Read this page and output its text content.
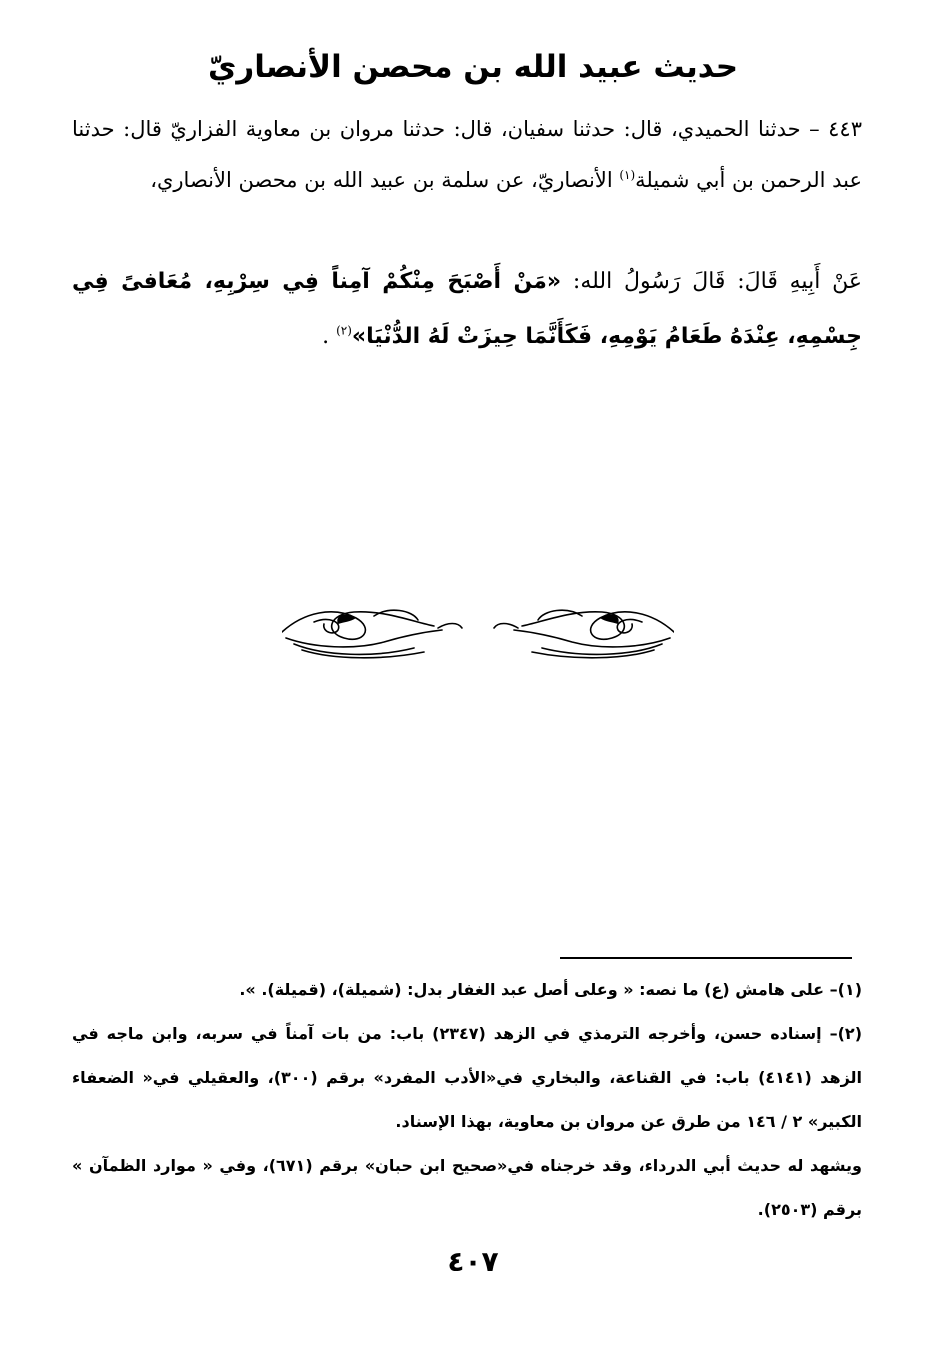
حديث عبيد الله بن محصن الأنصاريّ

٤٤٣ – حدثنا الحميدي، قال: حدثنا سفيان، قال: حدثنا مروان بن معاوية الفزاريّ قال: حدثنا عبد الرحمن بن أبي شميلة$^{(١)}$ الأنصاريّ، عن سلمة بن عبيد الله بن محصن الأنصاري،

عَنْ أَبِيهِ قَالَ: قَالَ رَسُولُ الله: «مَنْ أَصْبَحَ مِنْكُمْ آمِناً فِي سِرْبِهِ، مُعَافىً فِي جِسْمِهِ، عِنْدَهُ طَعَامُ يَوْمِهِ، فَكَأَنَّمَا حِيزَتْ لَهُ الدُّنْيَا»$^{(٢)}$ .

(١)– على هامش (ع) ما نصه: « وعلى أصل عبد الغفار بدل: (شميلة)، (قميلة). ».

(٢)– إسناده حسن، وأخرجه الترمذي في الزهد (٢٣٤٧) باب: من بات آمناً في سربه، وابن ماجه في الزهد (٤١٤١) باب: في القناعة، والبخاري في«الأدب المفرد» برقم (٣٠٠)، والعقيلي في« الضعفاء الكبير» ٢ / ١٤٦ من طرق عن مروان بن معاوية، بهذا الإسناد.

ويشهد له حديث أبي الدرداء، وقد خرجناه في«صحيح ابن حبان» برقم (٦٧١)، وفي « موارد الظمآن » برقم (٢٥٠٣).

٤٠٧
